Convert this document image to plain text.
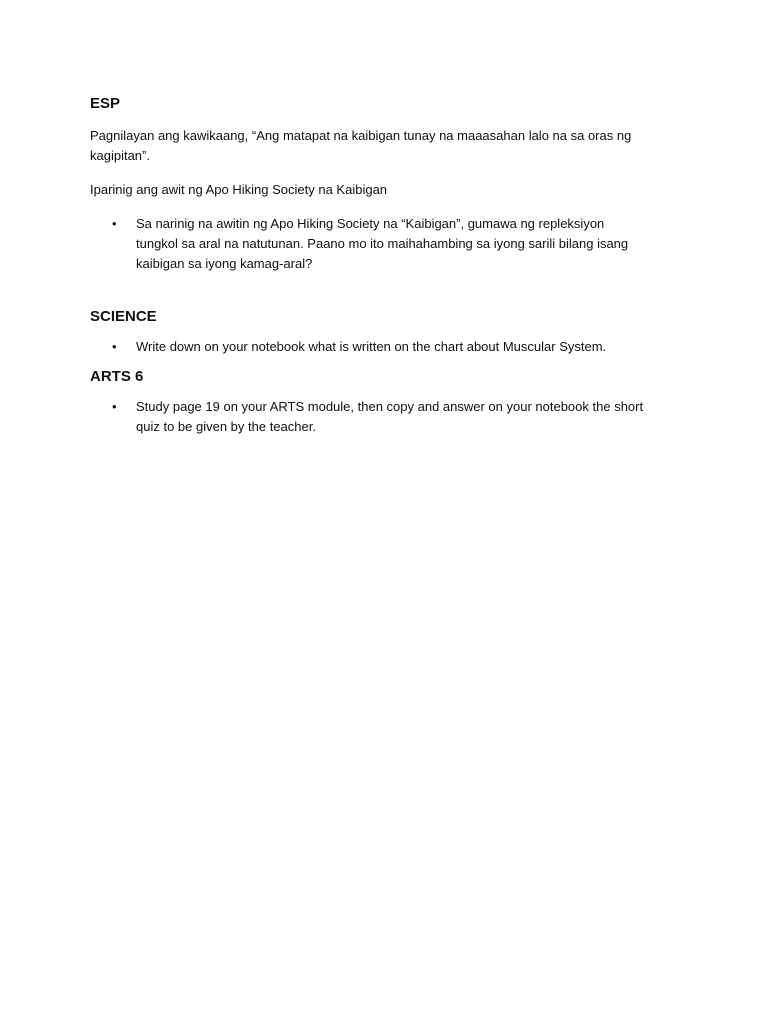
ESP

Pagnilayan ang kawikaang, “Ang matapat na kaibigan tunay na maaasahan lalo na sa oras ng
kagipitan”.

Iparinig ang awit ng Apo Hiking Society na Kaibigan

• Sa narinig na awitin ng Apo Hiking Society na “Kaibigan”, gumawa ng repleksiyon
tungkol sa aral na natutunan. Paano mo ito maihahambing sa iyong sarili bilang isang
kaibigan sa iyong kamag-aral?

SCIENCE

• Write down on your notebook what is written on the chart about Muscular System.

ARTS 6

• Study page 19 on your ARTS module, then copy and answer on your notebook the short
quiz to be given by the teacher.
